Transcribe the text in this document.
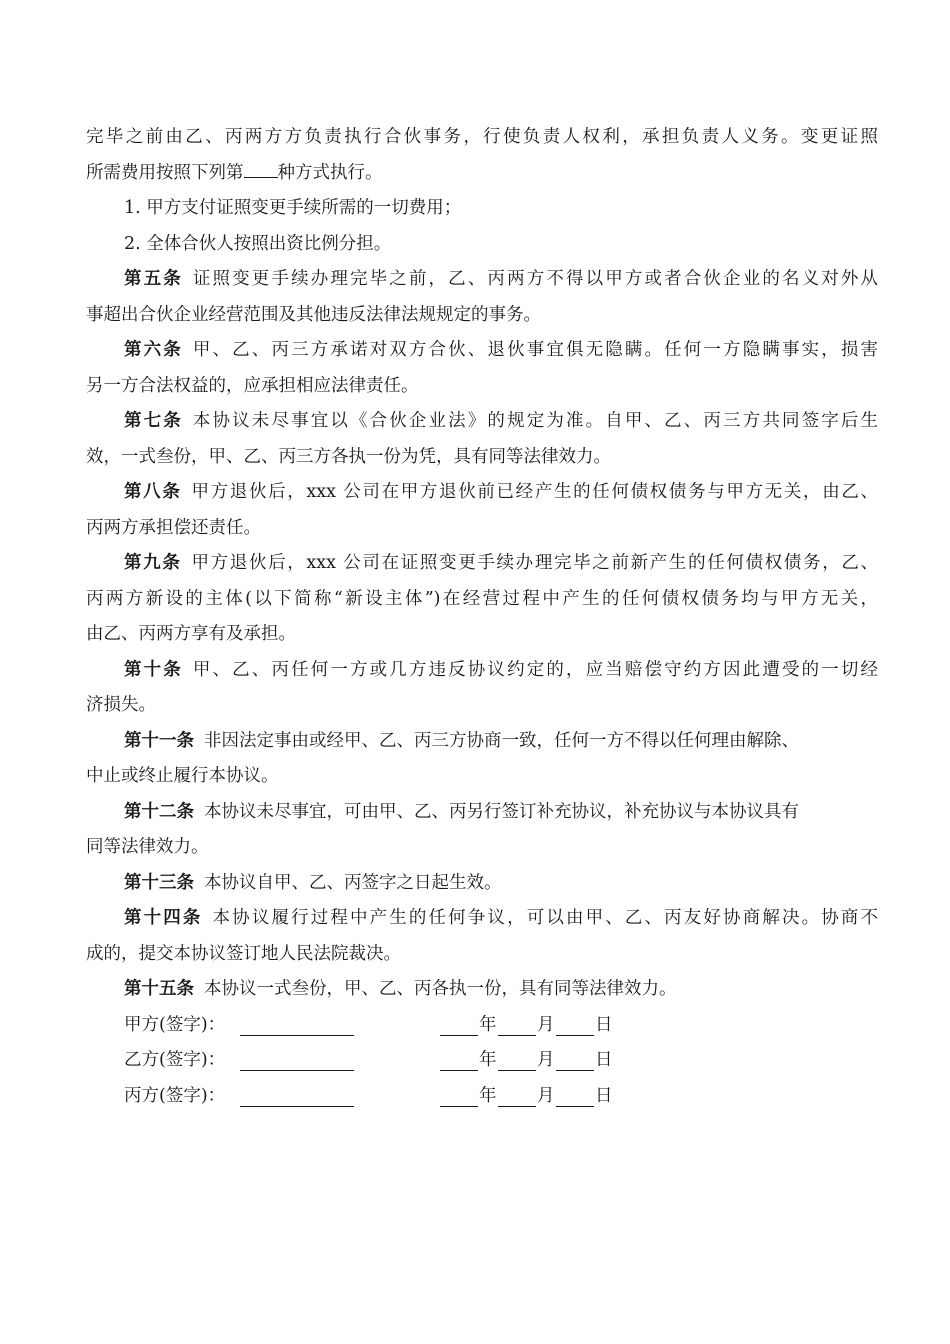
完毕之前由乙、丙两方方负责执行合伙事务，行使负责人权利，承担负责人义务。变更证照
所需费用按照下列第 种方式执行。
1. 甲方支付证照变更手续所需的一切费用；
2. 全体合伙人按照出资比例分担。
第五条 证照变更手续办理完毕之前，乙、丙两方不得以甲方或者合伙企业的名义对外从
事超出合伙企业经营范围及其他违反法律法规规定的事务。
第六条 甲、乙、丙三方承诺对双方合伙、退伙事宜俱无隐瞒。任何一方隐瞒事实，损害
另一方合法权益的，应承担相应法律责任。
第七条 本协议未尽事宜以《合伙企业法》的规定为准。自甲、乙、丙三方共同签字后生
效，一式叁份，甲、乙、丙三方各执一份为凭，具有同等法律效力。
第八条 甲方退伙后，xxx 公司在甲方退伙前已经产生的任何债权债务与甲方无关，由乙、
丙两方承担偿还责任。
第九条 甲方退伙后，xxx 公司在证照变更手续办理完毕之前新产生的任何债权债务，乙、
丙两方新设的主体(以下简称“新设主体”)在经营过程中产生的任何债权债务均与甲方无关，
由乙、丙两方享有及承担。
第十条 甲、乙、丙任何一方或几方违反协议约定的，应当赔偿守约方因此遭受的一切经
济损失。
第十一条 非因法定事由或经甲、乙、丙三方协商一致，任何一方不得以任何理由解除、
中止或终止履行本协议。
第十二条 本协议未尽事宜，可由甲、乙、丙另行签订补充协议，补充协议与本协议具有
同等法律效力。
第十三条 本协议自甲、乙、丙签字之日起生效。
第十四条 本协议履行过程中产生的任何争议，可以由甲、乙、丙友好协商解决。协商不
成的，提交本协议签订地人民法院裁决。
第十五条 本协议一式叁份，甲、乙、丙各执一份，具有同等法律效力。
甲方(签字)：	年 月 日
乙方(签字)：	年 月 日
丙方(签字)：	年 月 日
